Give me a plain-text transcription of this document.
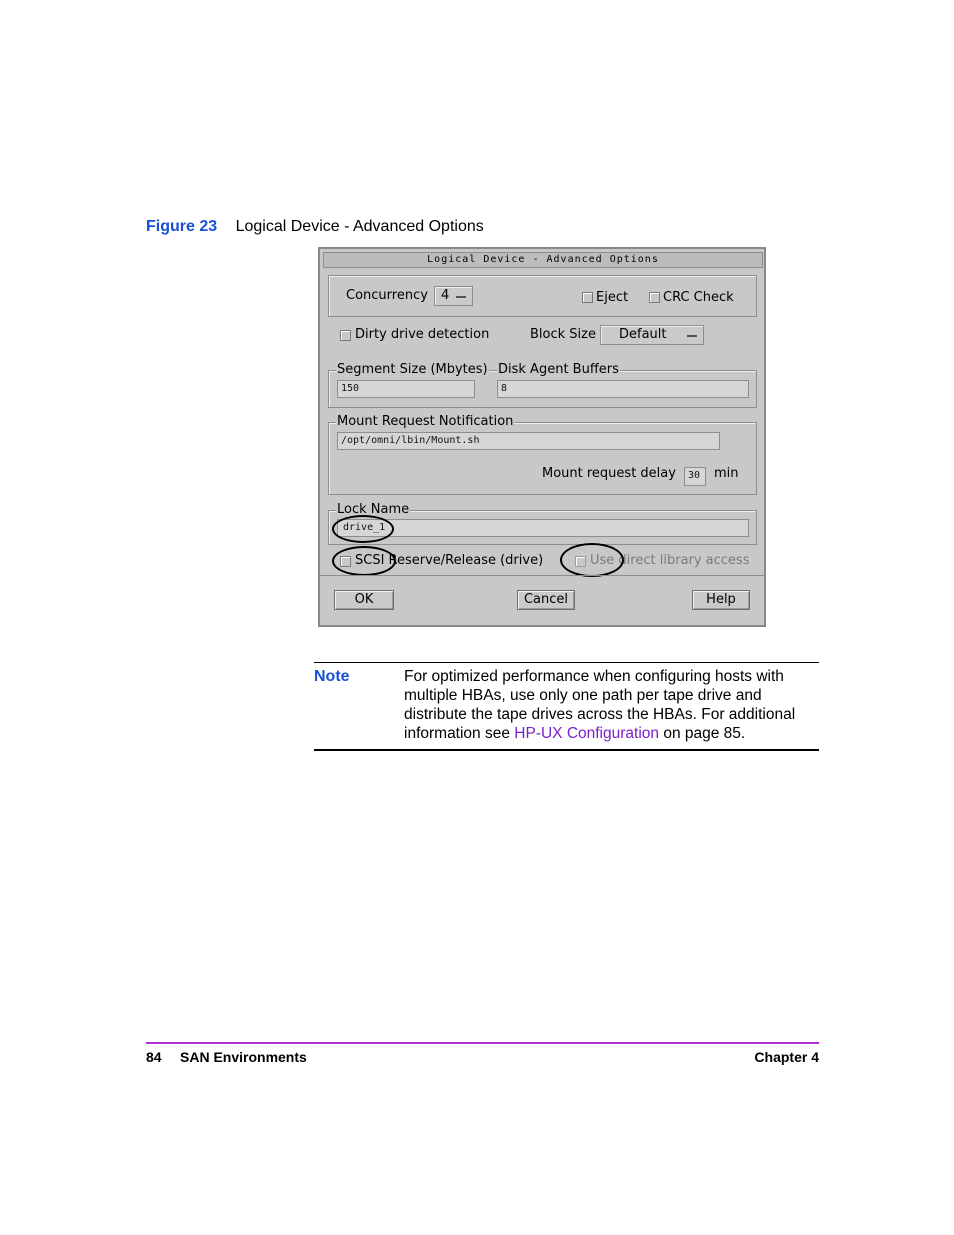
Figure 23 Logical Device - Advanced Options
Logical Device - Advanced Options
Concurrency 4	Eject	CRC Check
Dirty drive detection	Block Size Default
Segment Size (Mbytes) Disk Agent Buffers
150	8
Mount Request Notification
/opt/omni/lbin/Mount.sh
Mount request delay	30	min
Lock Name
drive_1
SCSI Reserve/Release (drive)	Use direct library access
OK	Cancel	Help
Note	For optimized performance when configuring hosts with multiple HBAs, use only one path per tape drive and distribute the tape drives across the HBAs. For additional information see HP-UX Configuration on page 85.
84 SAN Environments	Chapter 4
